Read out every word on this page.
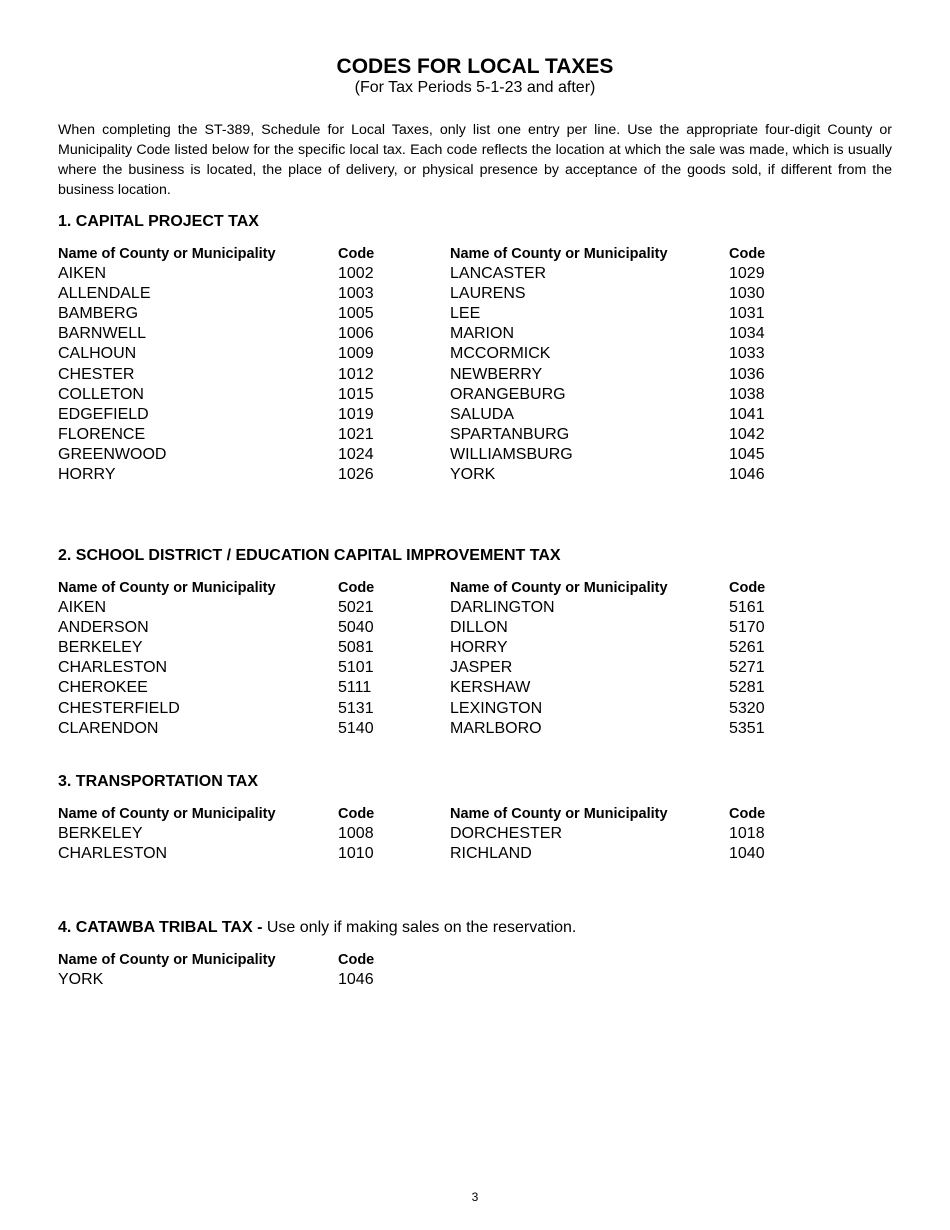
CODES FOR LOCAL TAXES
(For Tax Periods 5-1-23 and after)

When completing the ST-389, Schedule for Local Taxes, only list one entry per line. Use the appropriate four-digit County or Municipality Code listed below for the specific local tax. Each code reflects the location at which the sale was made, which is usually where the business is located, the place of delivery, or physical presence by acceptance of the goods sold, if different from the business location.

1. CAPITAL PROJECT TAX
Name of County or Municipality
AIKEN
ALLENDALE
BAMBERG
BARNWELL
CALHOUN
CHESTER
COLLETON
EDGEFIELD
FLORENCE
GREENWOOD
HORRY
Code
1002
1003
1005
1006
1009
1012
1015
1019
1021
1024
1026
Name of County or Municipality
LANCASTER
LAURENS
LEE
MARION
MCCORMICK
NEWBERRY
ORANGEBURG
SALUDA
SPARTANBURG
WILLIAMSBURG
YORK
Code
1029
1030
1031
1034
1033
1036
1038
1041
1042
1045
1046
2. SCHOOL DISTRICT / EDUCATION CAPITAL IMPROVEMENT TAX
Name of County or Municipality
AIKEN
ANDERSON
BERKELEY
CHARLESTON
CHEROKEE
CHESTERFIELD
CLARENDON
Code
5021
5040
5081
5101
5111
5131
5140
Name of County or Municipality
DARLINGTON
DILLON
HORRY
JASPER
KERSHAW
LEXINGTON
MARLBORO
Code
5161
5170
5261
5271
5281
5320
5351
3. TRANSPORTATION TAX
Name of County or Municipality
BERKELEY
CHARLESTON
Code
1008
1010
Name of County or Municipality
DORCHESTER
RICHLAND
Code
1018
1040
4. CATAWBA TRIBAL TAX - Use only if making sales on the reservation.
Name of County or Municipality
YORK
Code
1046
3
